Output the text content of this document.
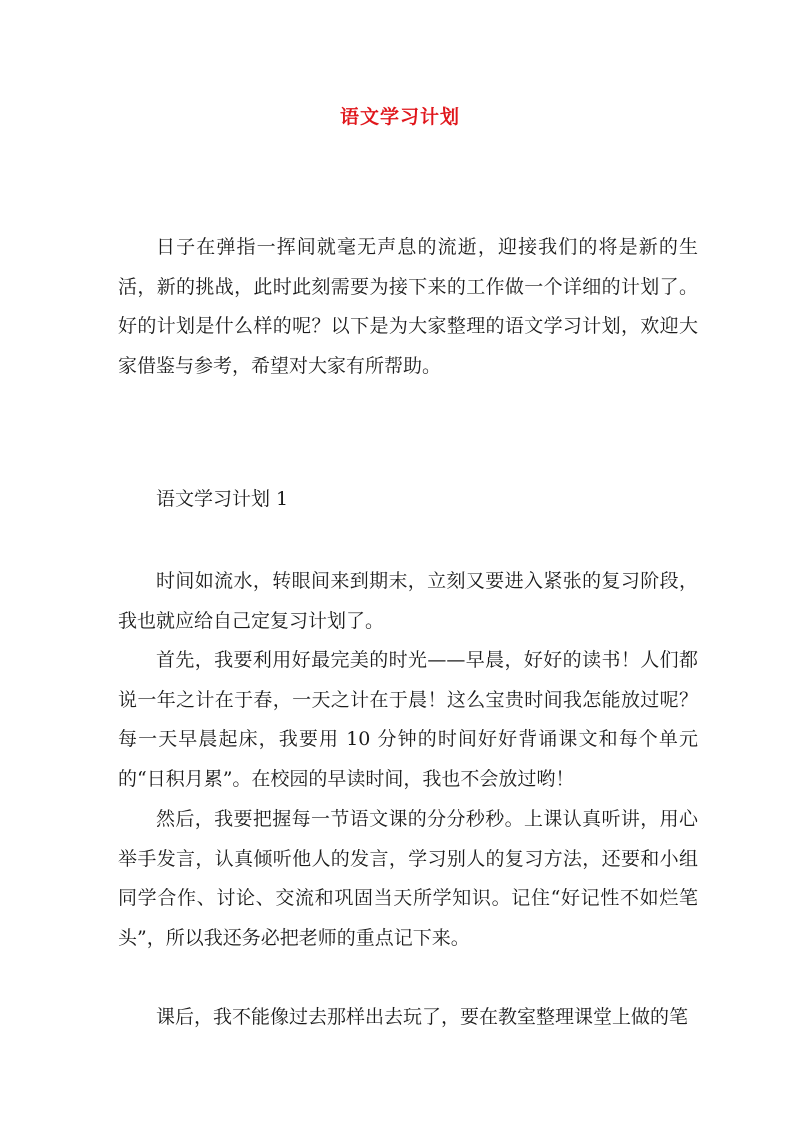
语文学习计划

日子在弹指一挥间就毫无声息的流逝，迎接我们的将是新的生活，新的挑战，此时此刻需要为接下来的工作做一个详细的计划了。好的计划是什么样的呢？以下是为大家整理的语文学习计划，欢迎大家借鉴与参考，希望对大家有所帮助。

语文学习计划 1

时间如流水，转眼间来到期末，立刻又要进入紧张的复习阶段，我也就应给自己定复习计划了。

首先，我要利用好最完美的时光——早晨，好好的读书！人们都说一年之计在于春，一天之计在于晨！这么宝贵时间我怎能放过呢？每一天早晨起床，我要用 10 分钟的时间好好背诵课文和每个单元的“日积月累”。在校园的早读时间，我也不会放过哟！

然后，我要把握每一节语文课的分分秒秒。上课认真听讲，用心举手发言，认真倾听他人的发言，学习别人的复习方法，还要和小组同学合作、讨论、交流和巩固当天所学知识。记住“好记性不如烂笔头”，所以我还务必把老师的重点记下来。

课后，我不能像过去那样出去玩了，要在教室整理课堂上做的笔
